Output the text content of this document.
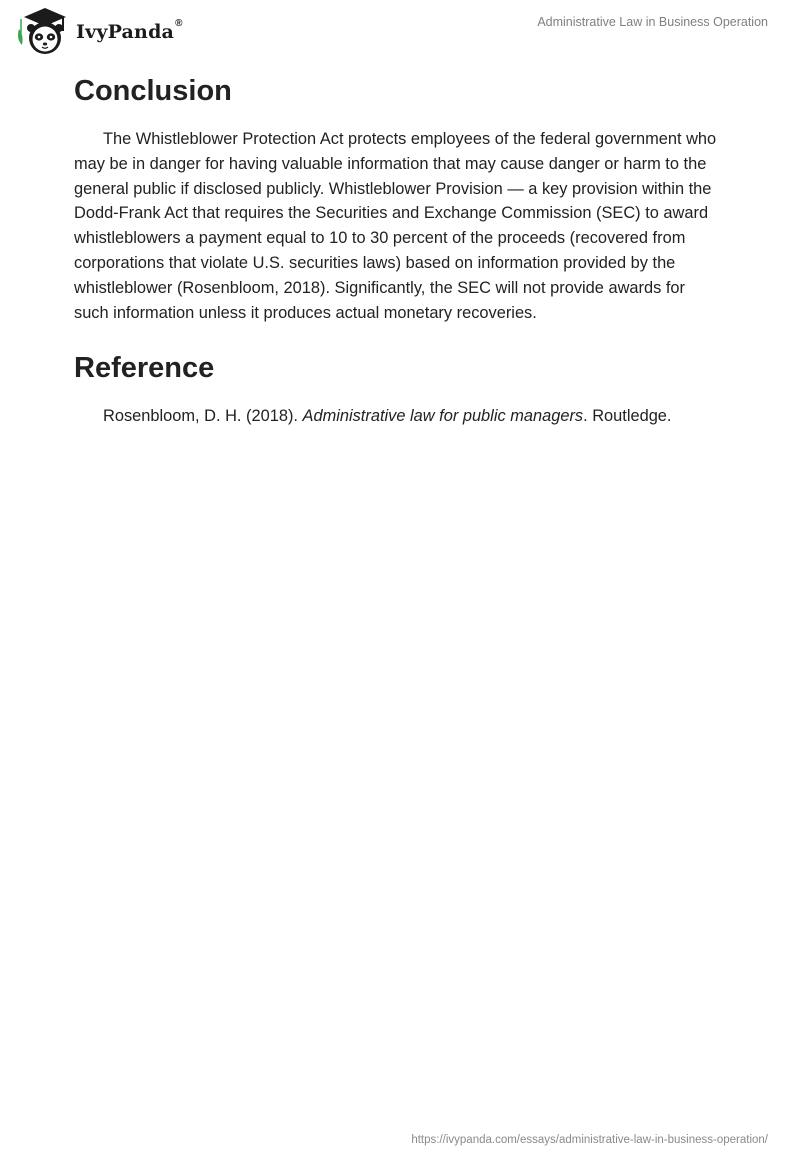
IvyPanda®	Administrative Law in Business Operation
Conclusion

The Whistleblower Protection Act protects employees of the federal government who may be in danger for having valuable information that may cause danger or harm to the general public if disclosed publicly. Whistleblower Provision — a key provision within the Dodd-Frank Act that requires the Securities and Exchange Commission (SEC) to award whistleblowers a payment equal to 10 to 30 percent of the proceeds (recovered from corporations that violate U.S. securities laws) based on information provided by the whistleblower (Rosenbloom, 2018). Significantly, the SEC will not provide awards for such information unless it produces actual monetary recoveries.

Reference

Rosenbloom, D. H. (2018). Administrative law for public managers. Routledge.

https://ivypanda.com/essays/administrative-law-in-business-operation/
